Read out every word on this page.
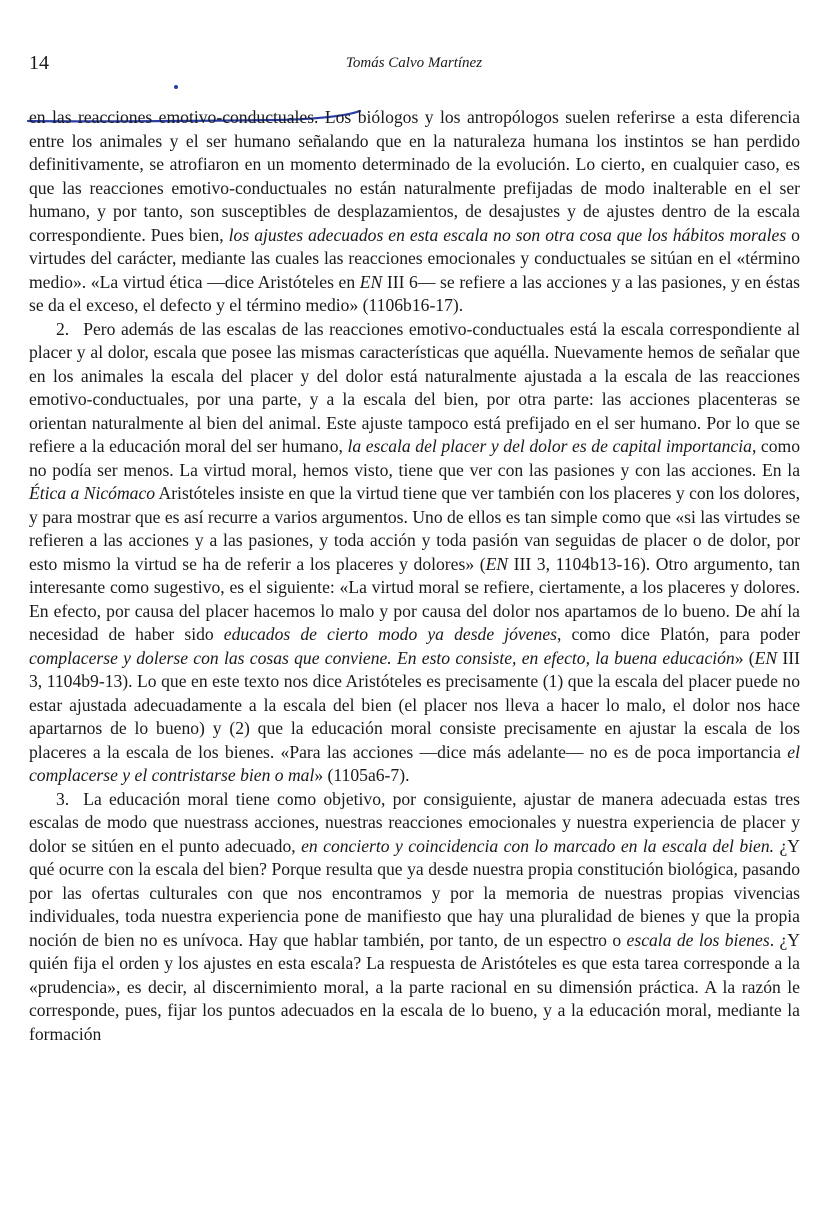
14	Tomás Calvo Martínez

en las reacciones emotivo-conductuales. Los biólogos y los antropólogos suelen referirse a esta diferencia entre los animales y el ser humano señalando que en la naturaleza humana los instintos se han perdido definitivamente, se atrofiaron en un momento determinado de la evolución. Lo cierto, en cualquier caso, es que las reacciones emotivo-conductuales no están naturalmente prefijadas de modo inalterable en el ser humano, y por tanto, son susceptibles de desplazamientos, de desajustes y de ajustes dentro de la escala correspondiente. Pues bien, los ajustes adecuados en esta escala no son otra cosa que los hábitos morales o virtudes del carácter, mediante las cuales las reacciones emocionales y conductuales se sitúan en el «término medio». «La virtud ética —dice Aristóteles en EN III 6— se refiere a las acciones y a las pasiones, y en éstas se da el exceso, el defecto y el término medio» (1106b16-17).

2. Pero además de las escalas de las reacciones emotivo-conductuales está la escala correspondiente al placer y al dolor, escala que posee las mismas características que aquélla. Nuevamente hemos de señalar que en los animales la escala del placer y del dolor está naturalmente ajustada a la escala de las reacciones emotivo-conductuales, por una parte, y a la escala del bien, por otra parte: las acciones placenteras se orientan naturalmente al bien del animal. Este ajuste tampoco está prefijado en el ser humano. Por lo que se refiere a la educación moral del ser humano, la escala del placer y del dolor es de capital importancia, como no podía ser menos. La virtud moral, hemos visto, tiene que ver con las pasiones y con las acciones. En la Ética a Nicómaco Aristóteles insiste en que la virtud tiene que ver también con los placeres y con los dolores, y para mostrar que es así recurre a varios argumentos. Uno de ellos es tan simple como que «si las virtudes se refieren a las acciones y a las pasiones, y toda acción y toda pasión van seguidas de placer o de dolor, por esto mismo la virtud se ha de referir a los placeres y dolores» (EN III 3, 1104b13-16). Otro argumento, tan interesante como sugestivo, es el siguiente: «La virtud moral se refiere, ciertamente, a los placeres y dolores. En efecto, por causa del placer hacemos lo malo y por causa del dolor nos apartamos de lo bueno. De ahí la necesidad de haber sido educados de cierto modo ya desde jóvenes, como dice Platón, para poder complacerse y dolerse con las cosas que conviene. En esto consiste, en efecto, la buena educación» (EN III 3, 1104b9-13). Lo que en este texto nos dice Aristóteles es precisamente (1) que la escala del placer puede no estar ajustada adecuadamente a la escala del bien (el placer nos lleva a hacer lo malo, el dolor nos hace apartarnos de lo bueno) y (2) que la educación moral consiste precisamente en ajustar la escala de los placeres a la escala de los bienes. «Para las acciones —dice más adelante— no es de poca importancia el complacerse y el contristarse bien o mal» (1105a6-7).

3. La educación moral tiene como objetivo, por consiguiente, ajustar de manera adecuada estas tres escalas de modo que nuestrass acciones, nuestras reacciones emocionales y nuestra experiencia de placer y dolor se sitúen en el punto adecuado, en concierto y coincidencia con lo marcado en la escala del bien. ¿Y qué ocurre con la escala del bien? Porque resulta que ya desde nuestra propia constitución biológica, pasando por las ofertas culturales con que nos encontramos y por la memoria de nuestras propias vivencias individuales, toda nuestra experiencia pone de manifiesto que hay una pluralidad de bienes y que la propia noción de bien no es unívoca. Hay que hablar también, por tanto, de un espectro o escala de los bienes. ¿Y quién fija el orden y los ajustes en esta escala? La respuesta de Aristóteles es que esta tarea corresponde a la «prudencia», es decir, al discernimiento moral, a la parte racional en su dimensión práctica. A la razón le corresponde, pues, fijar los puntos adecuados en la escala de lo bueno, y a la educación moral, mediante la formación
